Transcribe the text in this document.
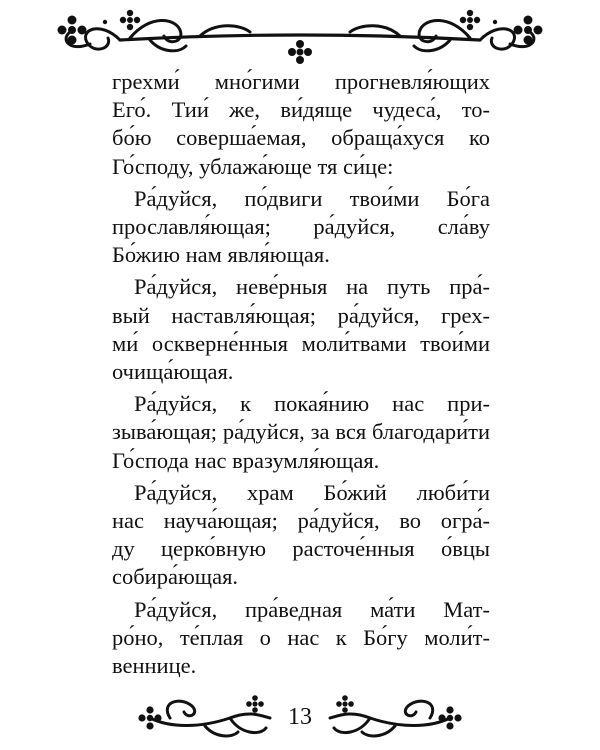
грехми́ мно́гими прогневля́ющих
Его́. Тии́ же, ви́дяще чудеса́, то-
бо́ю соверша́емая, обраща́хуся ко
Го́споду, ублажа́юще тя си́це:
Ра́дуйся, по́двиги твои́ми Бо́га
прославля́ющая; ра́дуйся, сла́ву
Бо́жию нам явля́ющая.
Ра́дуйся, неве́рныя на путь пра́-
вый наставля́ющая; ра́дуйся, грех-
ми́ оскверне́нныя моли́твами твои́ми
очища́ющая.
Ра́дуйся, к покая́нию нас при-
зыва́ющая; ра́дуйся, за вся благодари́ти
Го́спода нас вразумля́ющая.
Ра́дуйся, храм Бо́жий люби́ти
нас науча́ющая; ра́дуйся, во огра́-
ду церко́вную расточе́нныя о́вцы
собира́ющая.
Ра́дуйся, пра́ведная ма́ти Мат-
ро́но, те́плая о нас к Бо́гу моли́т-
веннице.
13
